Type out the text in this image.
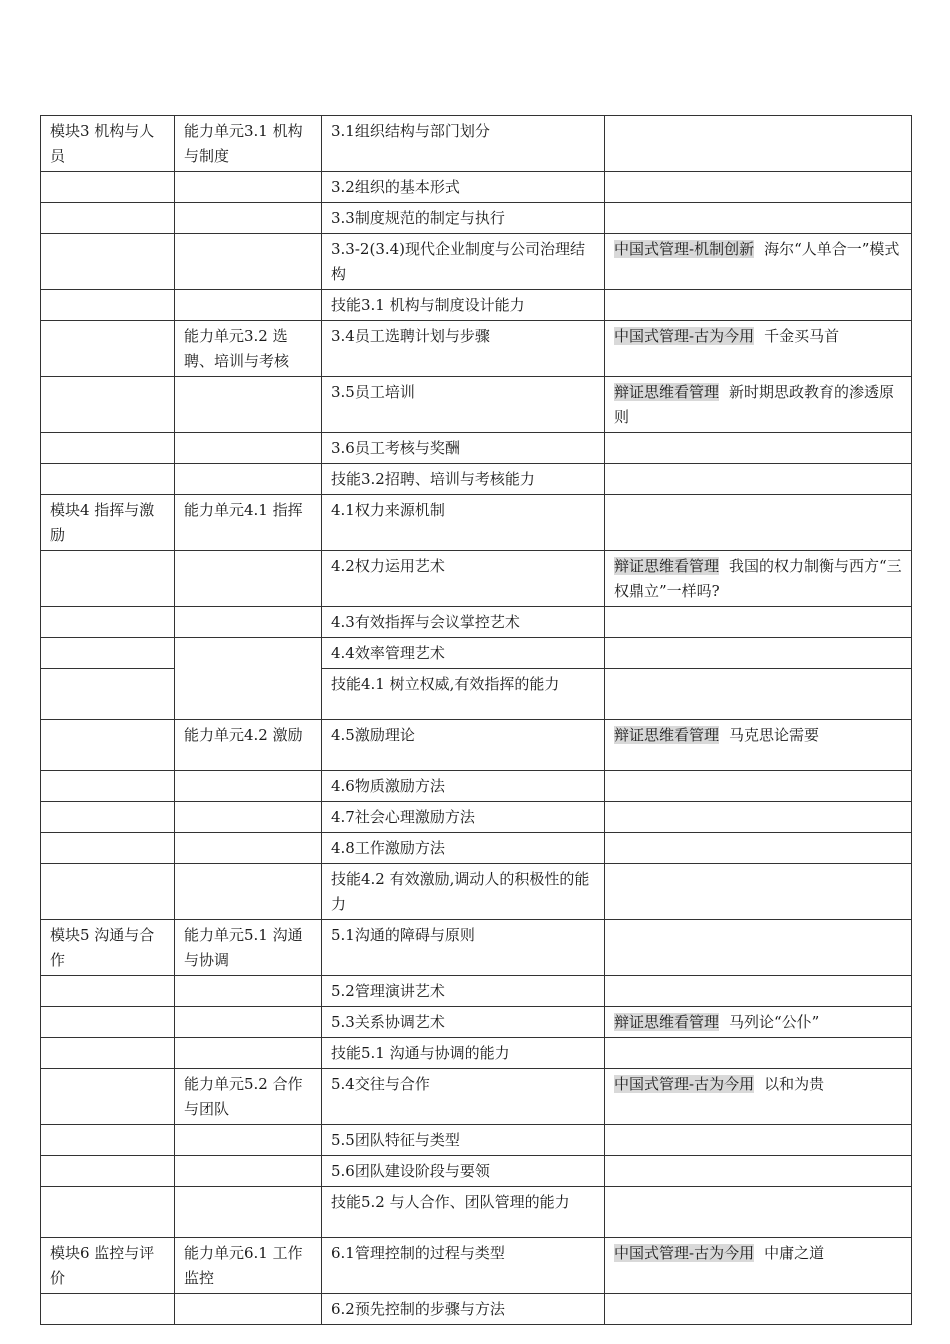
模块3 机构与人员	能力单元3.1 机构与制度	3.1组织结构与部门划分	
		3.2组织的基本形式	
		3.3制度规范的制定与执行	
		3.3-2(3.4)现代企业制度与公司治理结构	中国式管理-机制创新 海尔“人单合一”模式
		技能3.1 机构与制度设计能力	
	能力单元3.2 选聘、培训与考核	3.4员工选聘计划与步骤	中国式管理-古为今用 千金买马首
		3.5员工培训	辩证思维看管理 新时期思政教育的渗透原则
		3.6员工考核与奖酬	
		技能3.2招聘、培训与考核能力	
模块4 指挥与激励	能力单元4.1 指挥	4.1权力来源机制	
		4.2权力运用艺术	辩证思维看管理 我国的权力制衡与西方“三权鼎立”一样吗?
		4.3有效指挥与会议掌控艺术	
		4.4效率管理艺术	
		技能4.1 树立权威,有效指挥的能力	
	能力单元4.2 激励	4.5激励理论	辩证思维看管理 马克思论需要
		4.6物质激励方法	
		4.7社会心理激励方法	
		4.8工作激励方法	
		技能4.2 有效激励,调动人的积极性的能力	
模块5 沟通与合作	能力单元5.1 沟通与协调	5.1沟通的障碍与原则	
		5.2管理演讲艺术	
		5.3关系协调艺术	辩证思维看管理 马列论“公仆”
		技能5.1 沟通与协调的能力	
	能力单元5.2 合作与团队	5.4交往与合作	中国式管理-古为今用 以和为贵
		5.5团队特征与类型	
		5.6团队建设阶段与要领	
		技能5.2 与人合作、团队管理的能力	
模块6 监控与评价	能力单元6.1 工作监控	6.1管理控制的过程与类型	中国式管理-古为今用 中庸之道
		6.2预先控制的步骤与方法	
